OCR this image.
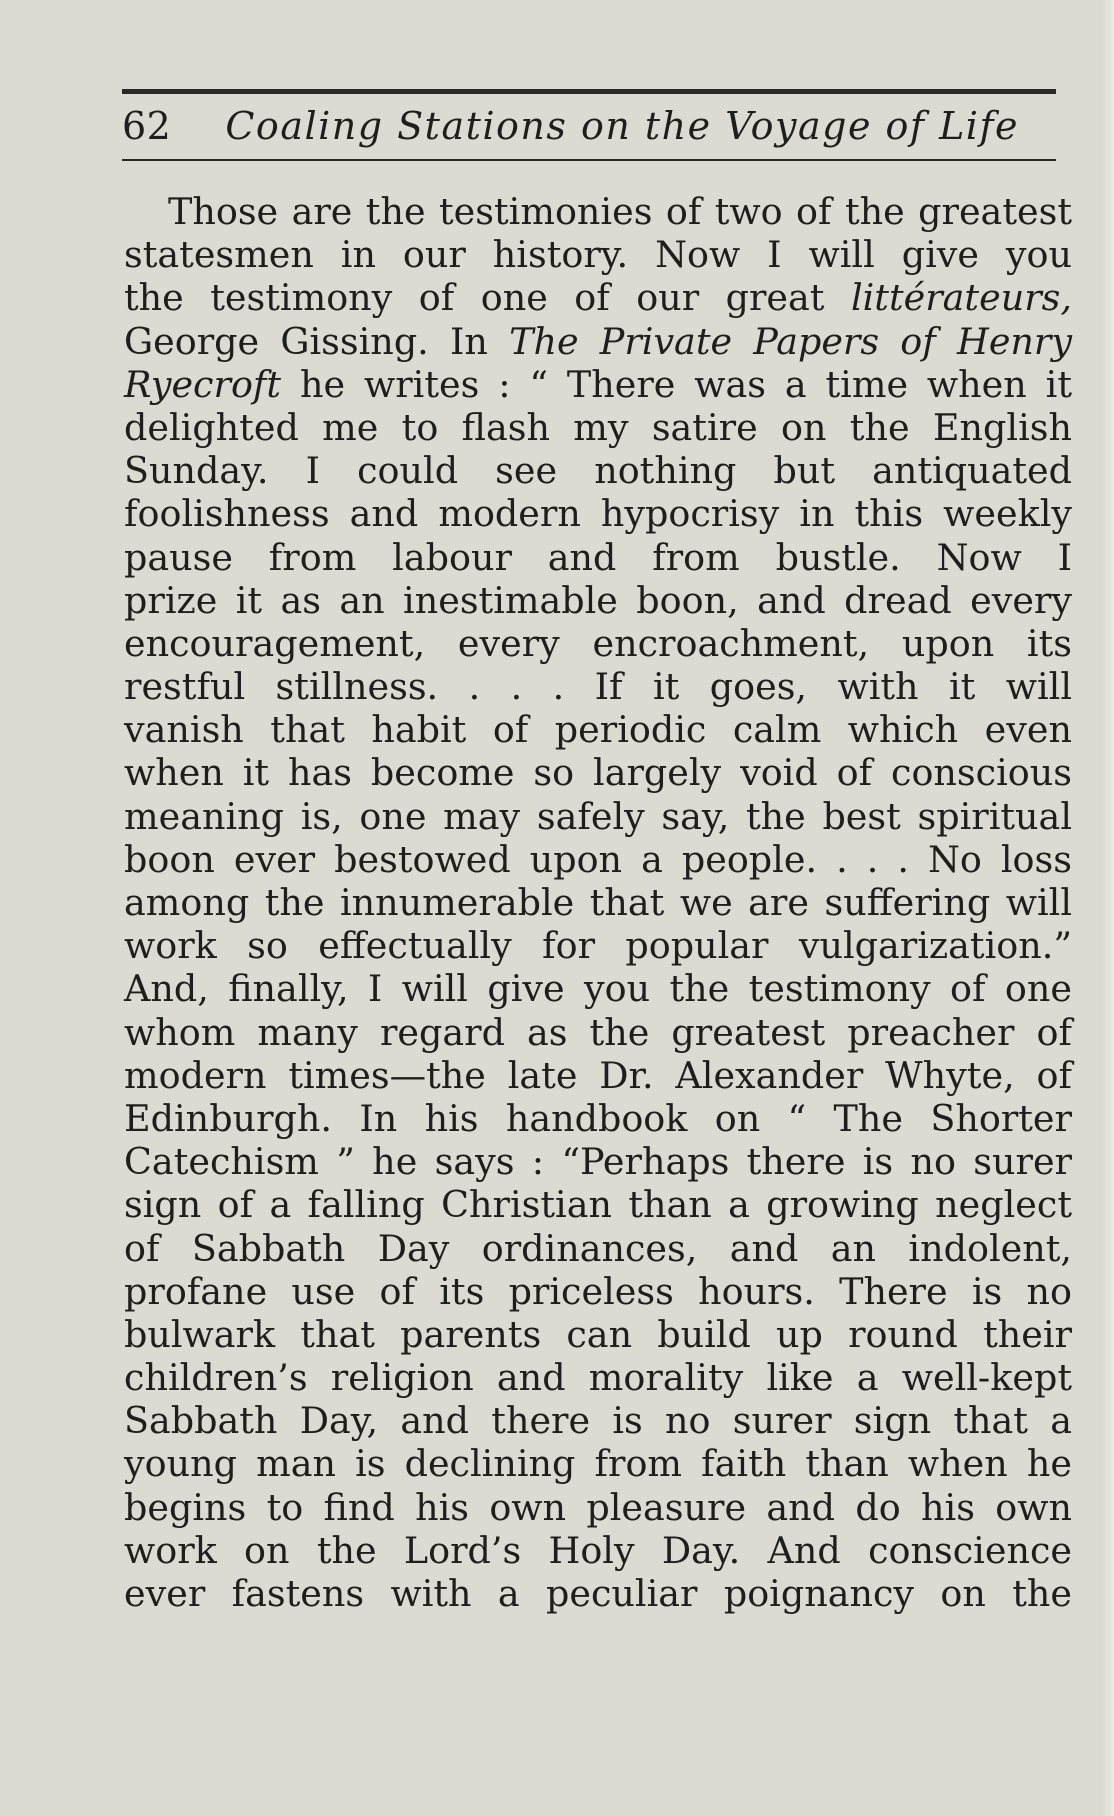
62 Coaling Stations on the Voyage of Life
Those are the testimonies of two of the greatest
statesmen in our history. Now I will give you
the testimony of one of our great littérateurs,
George Gissing. In The Private Papers of Henry
Ryecroft he writes : “ There was a time when it
delighted me to flash my satire on the English
Sunday. I could see nothing but antiquated
foolishness and modern hypocrisy in this weekly
pause from labour and from bustle. Now I
prize it as an inestimable boon, and dread every
encouragement, every encroachment, upon its
restful stillness. . . . If it goes, with it will
vanish that habit of periodic calm which even
when it has become so largely void of conscious
meaning is, one may safely say, the best spiritual
boon ever bestowed upon a people. . . . No loss
among the innumerable that we are suffering will
work so effectually for popular vulgarization.”
And, finally, I will give you the testimony of one
whom many regard as the greatest preacher of
modern times—the late Dr. Alexander Whyte, of
Edinburgh. In his handbook on “ The Shorter
Catechism ” he says : “Perhaps there is no surer
sign of a falling Christian than a growing neglect
of Sabbath Day ordinances, and an indolent,
profane use of its priceless hours. There is no
bulwark that parents can build up round their
children’s religion and morality like a well-kept
Sabbath Day, and there is no surer sign that a
young man is declining from faith than when he
begins to find his own pleasure and do his own
work on the Lord’s Holy Day. And conscience
ever fastens with a peculiar poignancy on the
